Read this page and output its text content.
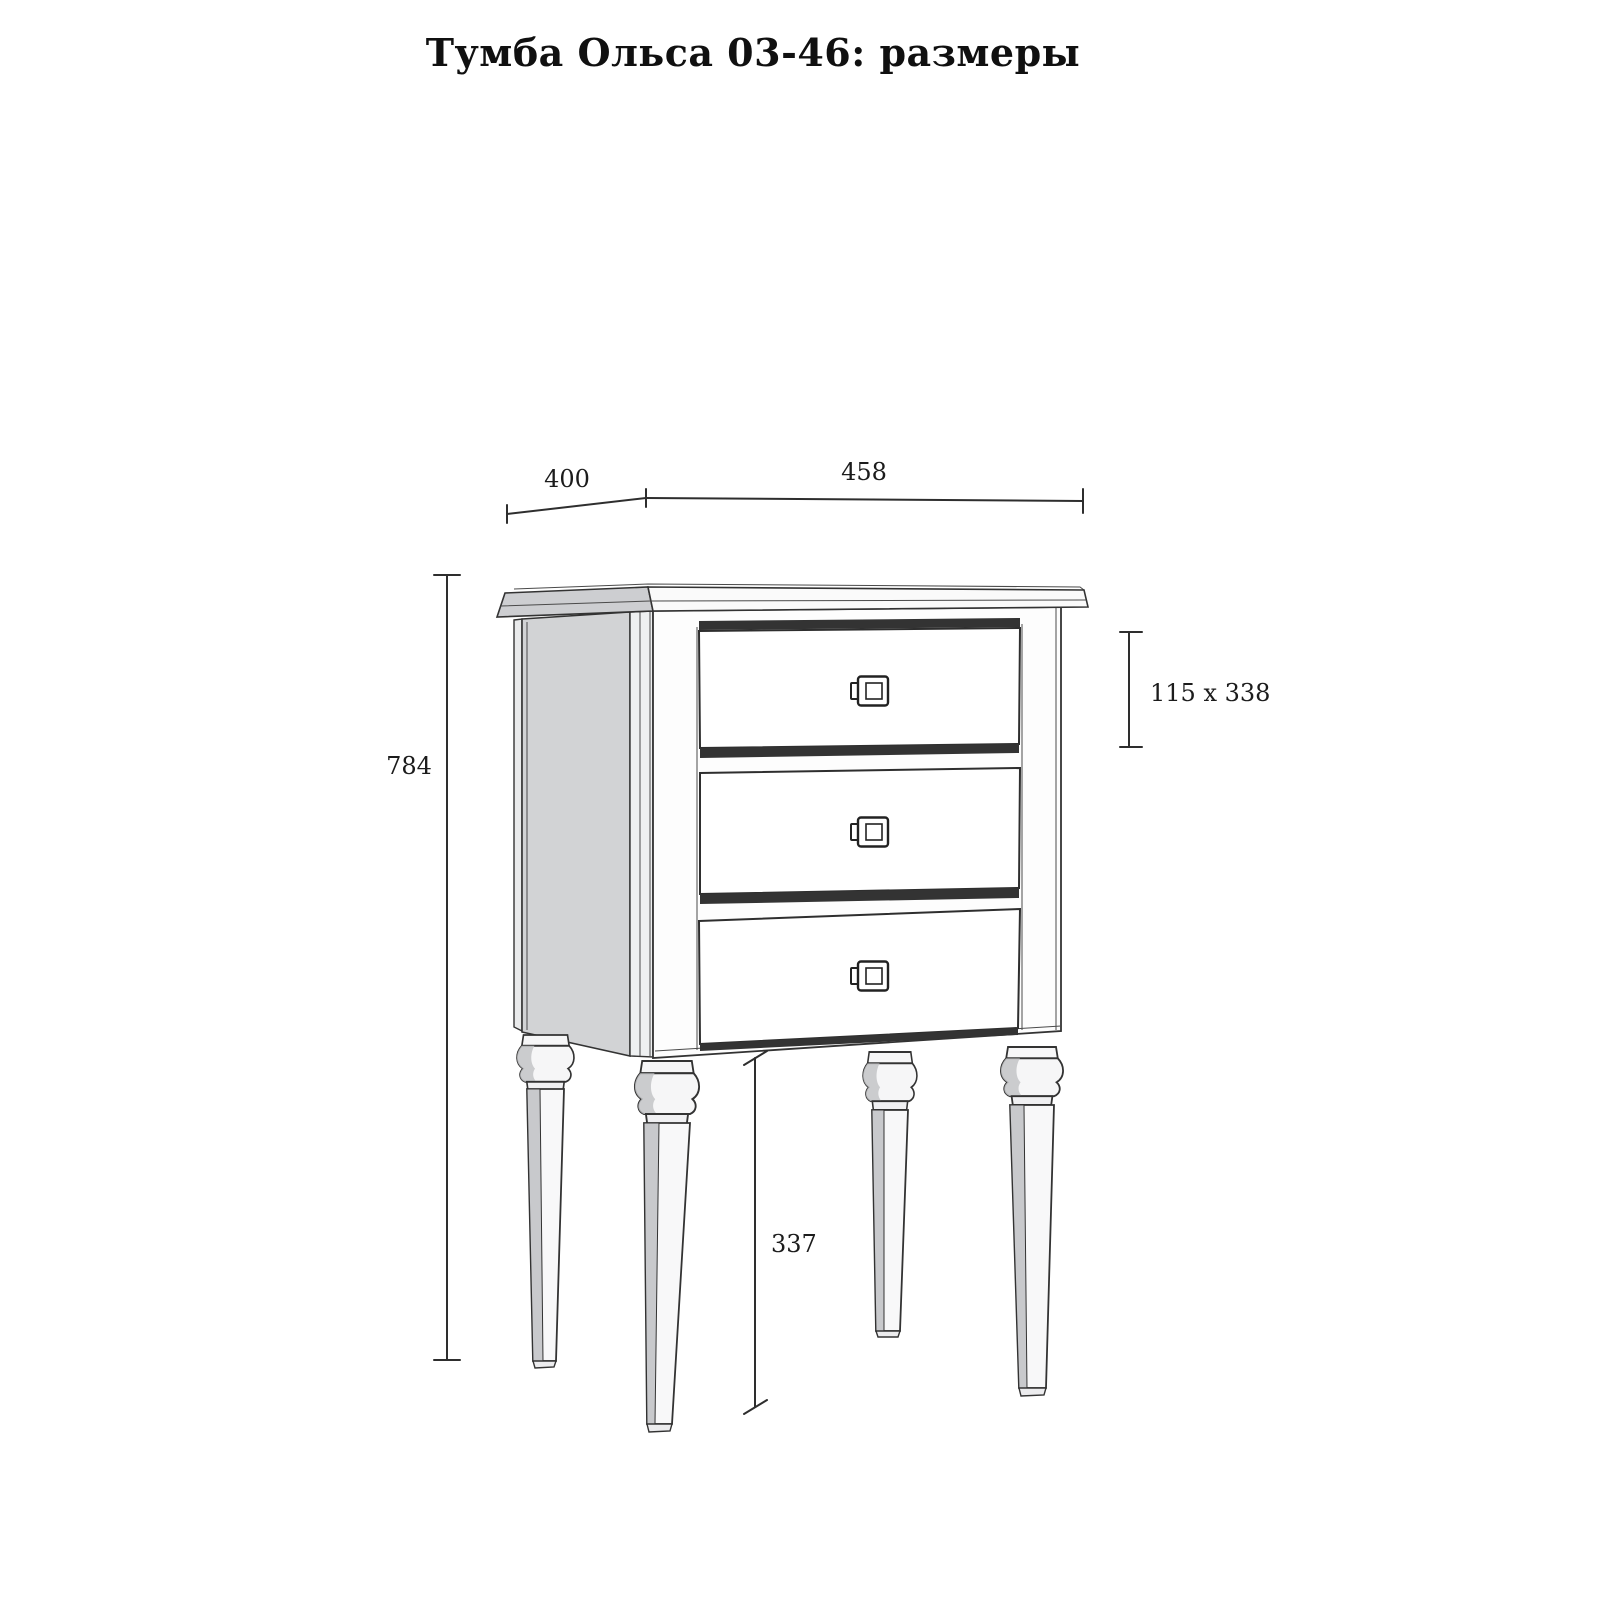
Тумба Ольса 03-46: размеры
400	458
784
115 x 338
337
